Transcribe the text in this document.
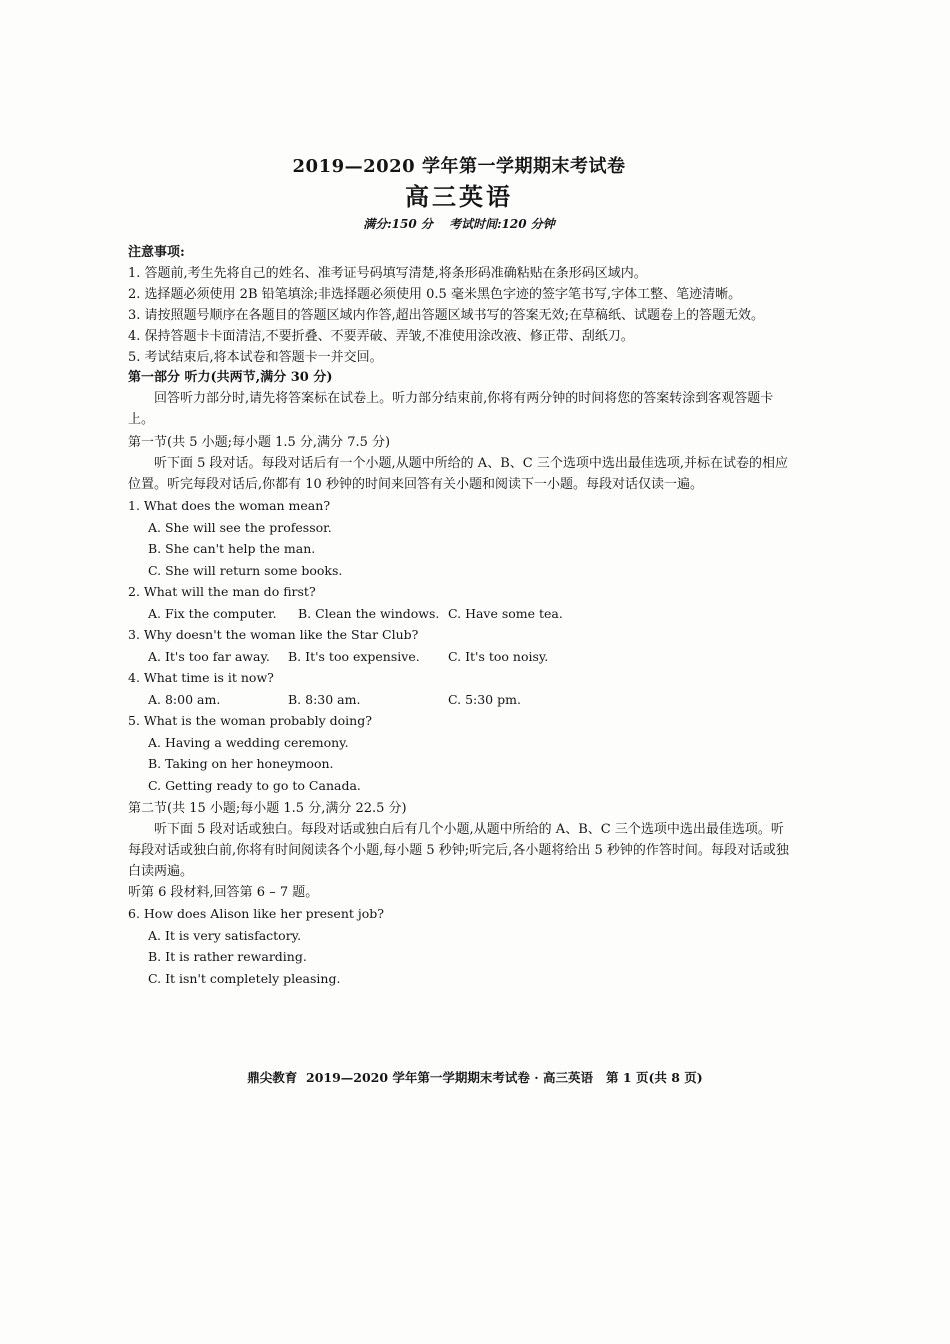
2019—2020 学年第一学期期末考试卷
高三英语
满分:150 分 考试时间:120 分钟
注意事项:
1. 答题前,考生先将自己的姓名、准考证号码填写清楚,将条形码准确粘贴在条形码区域内。
2. 选择题必须使用 2B 铅笔填涂;非选择题必须使用 0.5 毫米黑色字迹的签字笔书写,字体工整、笔迹清晰。
3. 请按照题号顺序在各题目的答题区域内作答,超出答题区域书写的答案无效;在草稿纸、试题卷上的答题无效。
4. 保持答题卡卡面清洁,不要折叠、不要弄破、弄皱,不准使用涂改液、修正带、刮纸刀。
5. 考试结束后,将本试卷和答题卡一并交回。
第一部分 听力(共两节,满分 30 分)
回答听力部分时,请先将答案标在试卷上。听力部分结束前,你将有两分钟的时间将您的答案转涂到客观答题卡上。
第一节(共 5 小题;每小题 1.5 分,满分 7.5 分)
听下面 5 段对话。每段对话后有一个小题,从题中所给的 A、B、C 三个选项中选出最佳选项,并标在试卷的相应位置。听完每段对话后,你都有 10 秒钟的时间来回答有关小题和阅读下一小题。每段对话仅读一遍。
1. What does the woman mean?
A. She will see the professor.
B. She can't help the man.
C. She will return some books.
2. What will the man do first?
A. Fix the computer.	B. Clean the windows. C. Have some tea.
3. Why doesn't the woman like the Star Club?
A. It's too far away.	B. It's too expensive.	C. It's too noisy.
4. What time is it now?
A. 8:00 am.	B. 8:30 am.	C. 5:30 pm.
5. What is the woman probably doing?
A. Having a wedding ceremony.
B. Taking on her honeymoon.
C. Getting ready to go to Canada.
第二节(共 15 小题;每小题 1.5 分,满分 22.5 分)
听下面 5 段对话或独白。每段对话或独白后有几个小题,从题中所给的 A、B、C 三个选项中选出最佳选项。听每段对话或独白前,你将有时间阅读各个小题,每小题 5 秒钟;听完后,各小题将给出 5 秒钟的作答时间。每段对话或独白读两遍。
听第 6 段材料,回答第 6 – 7 题。
6. How does Alison like her present job?
A. It is very satisfactory.
B. It is rather rewarding.
C. It isn't completely pleasing.
鼎尖教育  2019—2020 学年第一学期期末考试卷 · 高三英语   第 1 页(共 8 页)
